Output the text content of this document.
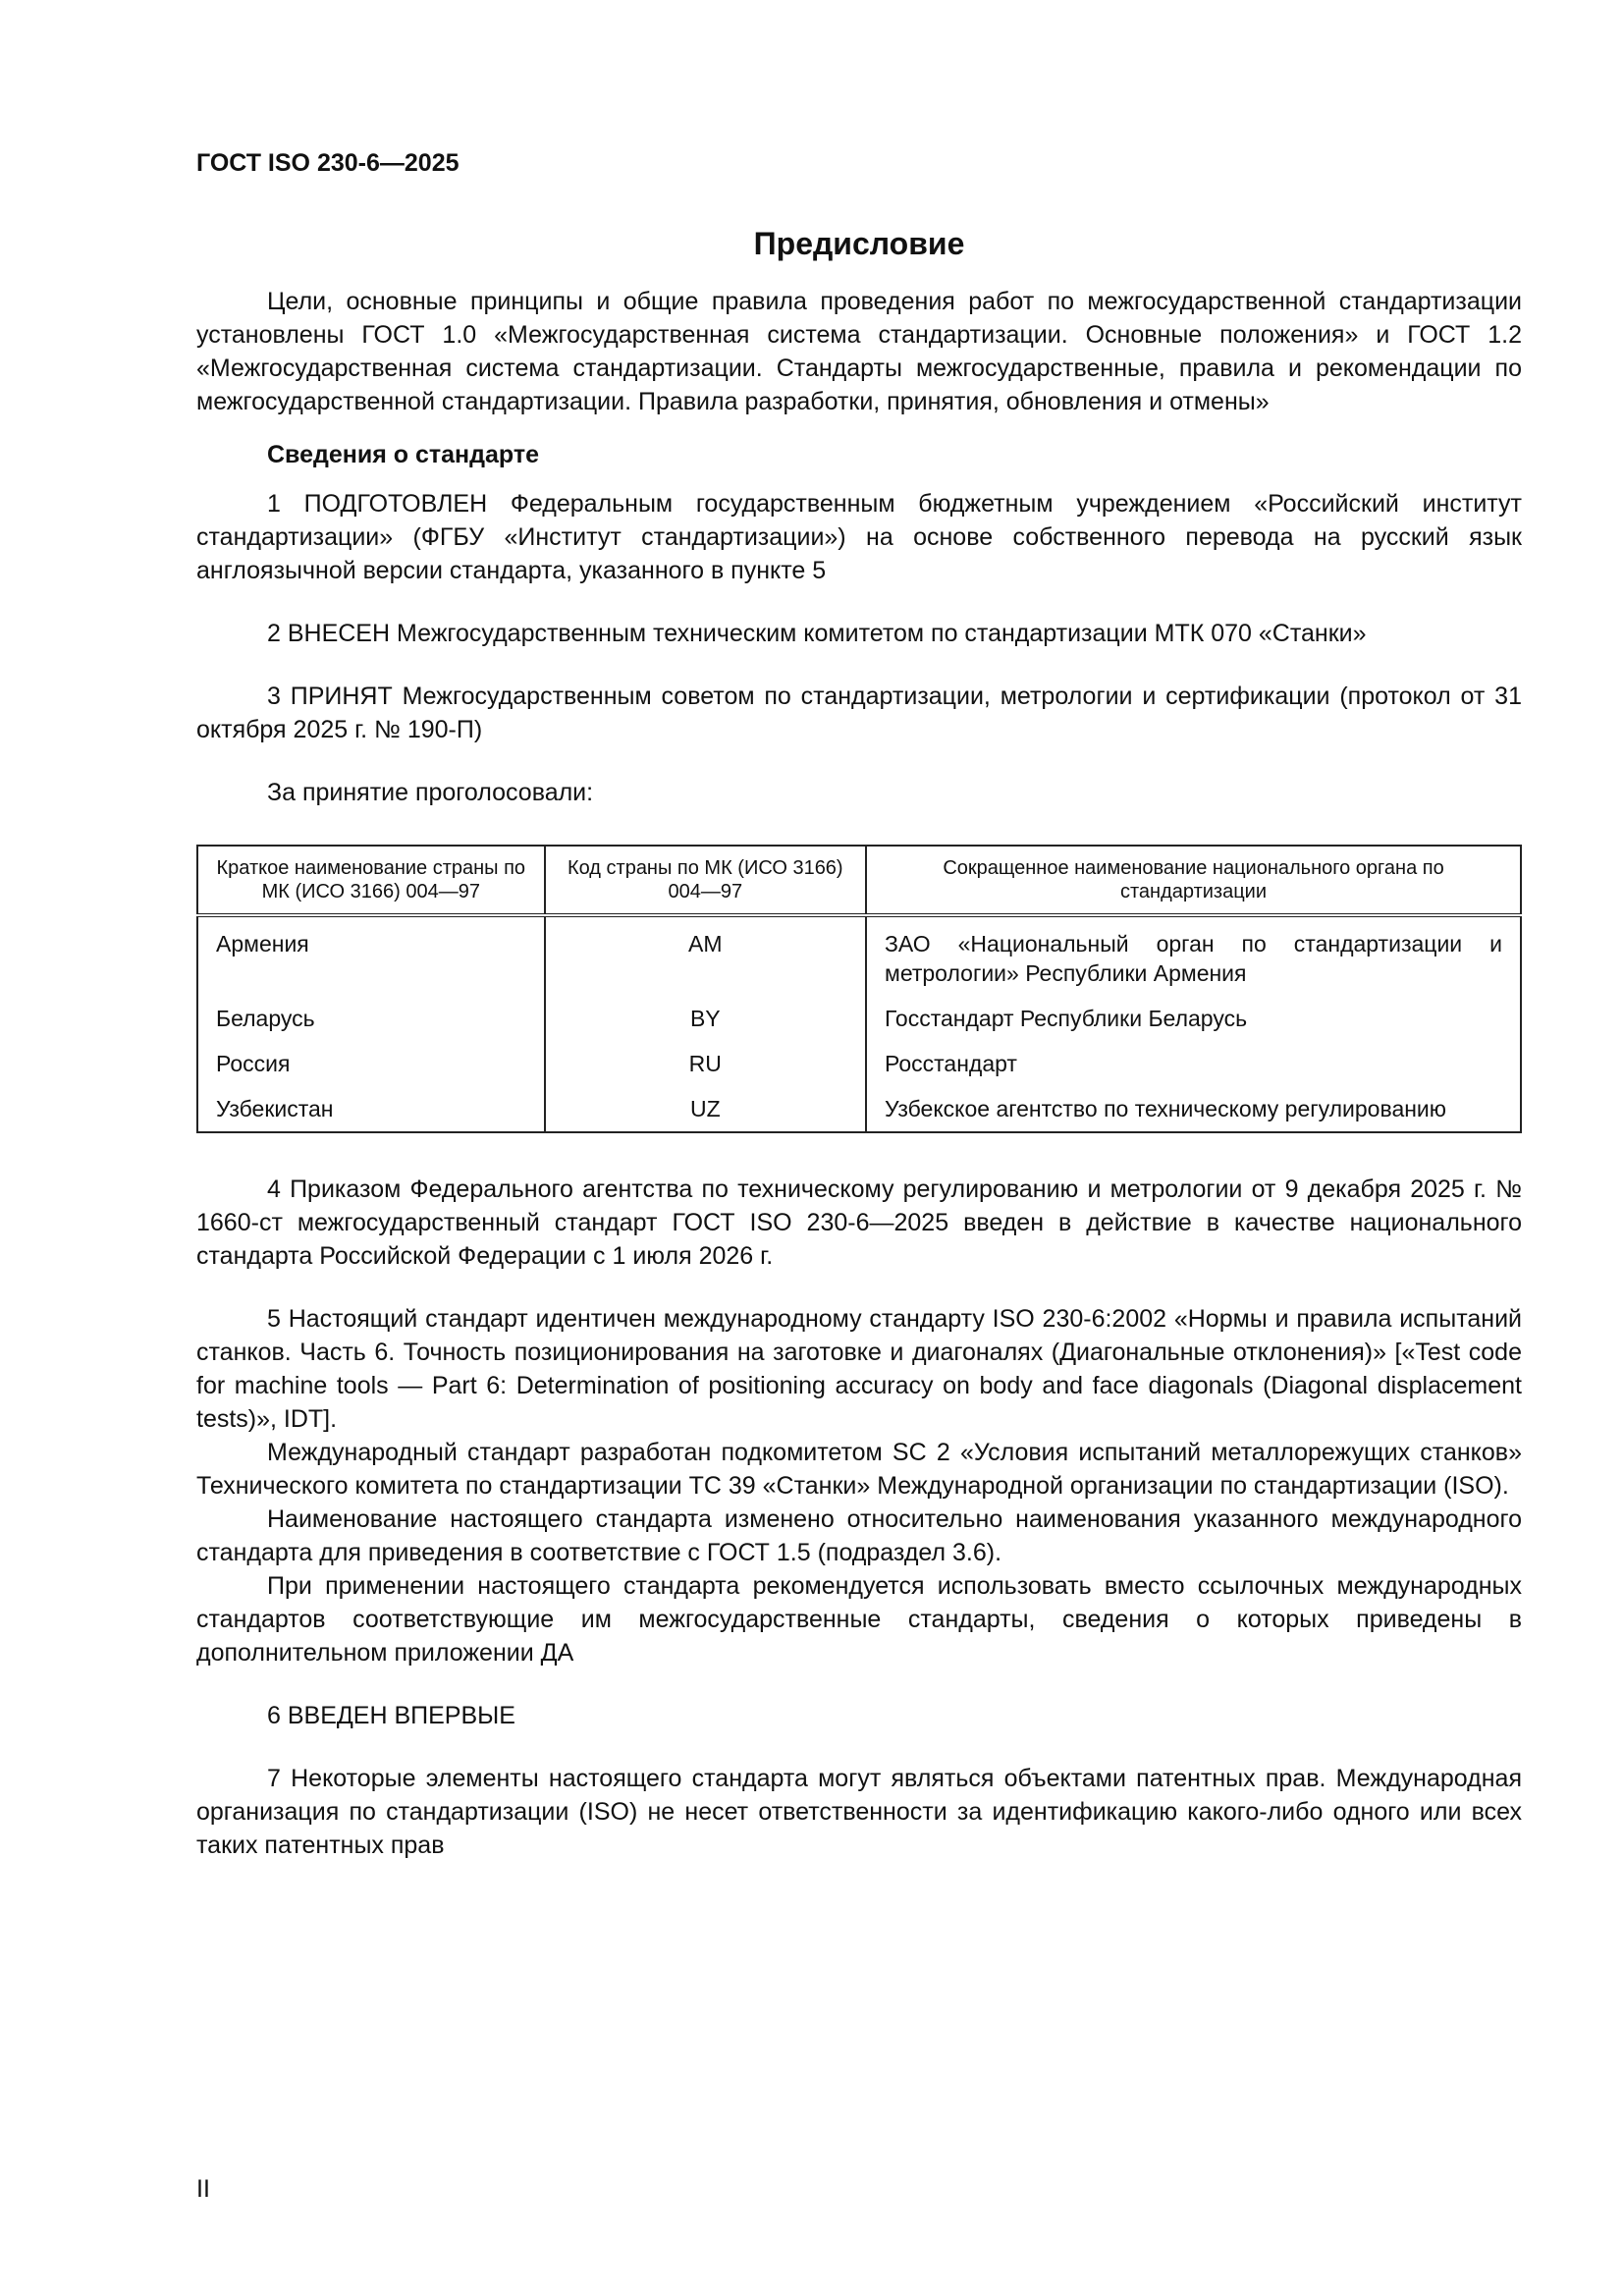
ГОСТ ISO 230-6—2025
Предисловие

Цели, основные принципы и общие правила проведения работ по межгосударственной стандартизации установлены ГОСТ 1.0 «Межгосударственная система стандартизации. Основные положения» и ГОСТ 1.2 «Межгосударственная система стандартизации. Стандарты межгосударственные, правила и рекомендации по межгосударственной стандартизации. Правила разработки, принятия, обновления и отмены»

Сведения о стандарте

1 ПОДГОТОВЛЕН Федеральным государственным бюджетным учреждением «Российский институт стандартизации» (ФГБУ «Институт стандартизации») на основе собственного перевода на русский язык англоязычной версии стандарта, указанного в пункте 5

2 ВНЕСЕН Межгосударственным техническим комитетом по стандартизации МТК 070 «Станки»

3 ПРИНЯТ Межгосударственным советом по стандартизации, метрологии и сертификации (протокол от 31 октября 2025 г. № 190-П)

За принятие проголосовали:

Краткое наименование страны по МК (ИСО 3166) 004—97	Код страны по МК (ИСО 3166) 004—97	Сокращенное наименование национального органа по стандартизации
Армения	AM	ЗАО «Национальный орган по стандартизации и метрологии» Республики Армения
Беларусь	BY	Госстандарт Республики Беларусь
Россия	RU	Росстандарт
Узбекистан	UZ	Узбекское агентство по техническому регулированию

4 Приказом Федерального агентства по техническому регулированию и метрологии от 9 декабря 2025 г. № 1660-ст межгосударственный стандарт ГОСТ ISO 230-6—2025 введен в действие в качестве национального стандарта Российской Федерации с 1 июля 2026 г.

5 Настоящий стандарт идентичен международному стандарту ISO 230-6:2002 «Нормы и правила испытаний станков. Часть 6. Точность позиционирования на заготовке и диагоналях (Диагональные отклонения)» [«Test code for machine tools — Part 6: Determination of positioning accuracy on body and face diagonals (Diagonal displacement tests)», IDT].

Международный стандарт разработан подкомитетом SC 2 «Условия испытаний металлорежущих станков» Технического комитета по стандартизации ТС 39 «Станки» Международной организации по стандартизации (ISO).

Наименование настоящего стандарта изменено относительно наименования указанного международного стандарта для приведения в соответствие с ГОСТ 1.5 (подраздел 3.6).

При применении настоящего стандарта рекомендуется использовать вместо ссылочных международных стандартов соответствующие им межгосударственные стандарты, сведения о которых приведены в дополнительном приложении ДА

6 ВВЕДЕН ВПЕРВЫЕ

7 Некоторые элементы настоящего стандарта могут являться объектами патентных прав. Международная организация по стандартизации (ISO) не несет ответственности за идентификацию какого-либо одного или всех таких патентных прав

II
